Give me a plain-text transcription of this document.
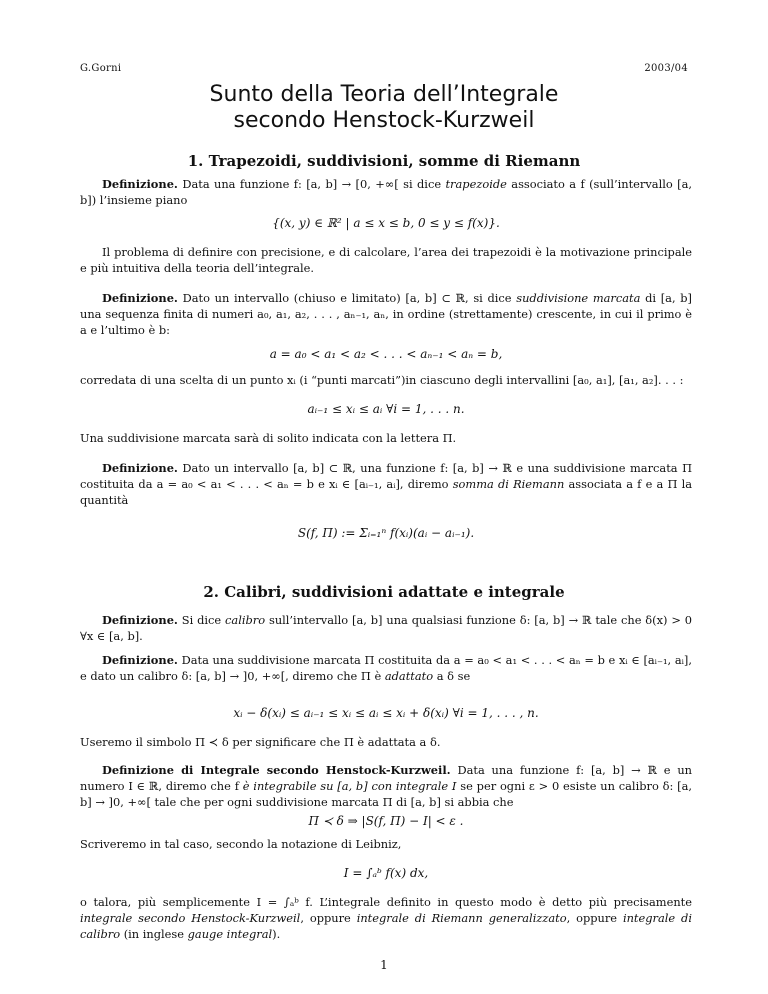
G.Gorni	2003/04
Sunto della Teoria dell’Integrale
secondo Henstock-Kurzweil
1. Trapezoidi, suddivisioni, somme di Riemann
Definizione. Data una funzione f: [a, b] → [0, +∞[ si dice trapezoide associato a f (sull’intervallo [a, b]) l’insieme piano
{(x, y) ∈ ℝ² | a ≤ x ≤ b, 0 ≤ y ≤ f(x)}.
Il problema di definire con precisione, e di calcolare, l’area dei trapezoidi è la motivazione principale e più intuitiva della teoria dell’integrale.
Definizione. Dato un intervallo (chiuso e limitato) [a, b] ⊂ ℝ, si dice suddivisione marcata di [a, b] una sequenza finita di numeri a₀, a₁, a₂, . . . , aₙ₋₁, aₙ, in ordine (strettamente) crescente, in cui il primo è a e l’ultimo è b:
a = a₀ < a₁ < a₂ < . . . < aₙ₋₁ < aₙ = b,
corredata di una scelta di un punto xᵢ (i “punti marcati”)in ciascuno degli intervallini [a₀, a₁], [a₁, a₂]. . . :
aᵢ₋₁ ≤ xᵢ ≤ aᵢ ∀i = 1, . . . n.
Una suddivisione marcata sarà di solito indicata con la lettera Π.
Definizione. Dato un intervallo [a, b] ⊂ ℝ, una funzione f: [a, b] → ℝ e una suddivisione marcata Π costituita da a = a₀ < a₁ < . . . < aₙ = b e xᵢ ∈ [aᵢ₋₁, aᵢ], diremo somma di Riemann associata a f e a Π la quantità
S(f, Π) := Σᵢ₌₁ⁿ f(xᵢ)(aᵢ − aᵢ₋₁).
2. Calibri, suddivisioni adattate e integrale
Definizione. Si dice calibro sull’intervallo [a, b] una qualsiasi funzione δ: [a, b] → ℝ tale che δ(x) > 0 ∀x ∈ [a, b].
Definizione. Data una suddivisione marcata Π costituita da a = a₀ < a₁ < . . . < aₙ = b e xᵢ ∈ [aᵢ₋₁, aᵢ], e dato un calibro δ: [a, b] → ]0, +∞[, diremo che Π è adattato a δ se
xᵢ − δ(xᵢ) ≤ aᵢ₋₁ ≤ xᵢ ≤ aᵢ ≤ xᵢ + δ(xᵢ) ∀i = 1, . . . , n.
Useremo il simbolo Π ≺ δ per significare che Π è adattata a δ.
Definizione di Integrale secondo Henstock-Kurzweil. Data una funzione f: [a, b] → ℝ e un numero I ∈ ℝ, diremo che f è integrabile su [a, b] con integrale I se per ogni ε > 0 esiste un calibro δ: [a, b] → ]0, +∞[ tale che per ogni suddivisione marcata Π di [a, b] si abbia che
Π ≺ δ ⇒ |S(f, Π) − I| < ε .
Scriveremo in tal caso, secondo la notazione di Leibniz,
I = ∫ₐᵇ f(x) dx,
o talora, più semplicemente I = ∫ₐᵇ f. L’integrale definito in questo modo è detto più precisamente integrale secondo Henstock-Kurzweil, oppure integrale di Riemann generalizzato, oppure integrale di calibro (in inglese gauge integral).
1
